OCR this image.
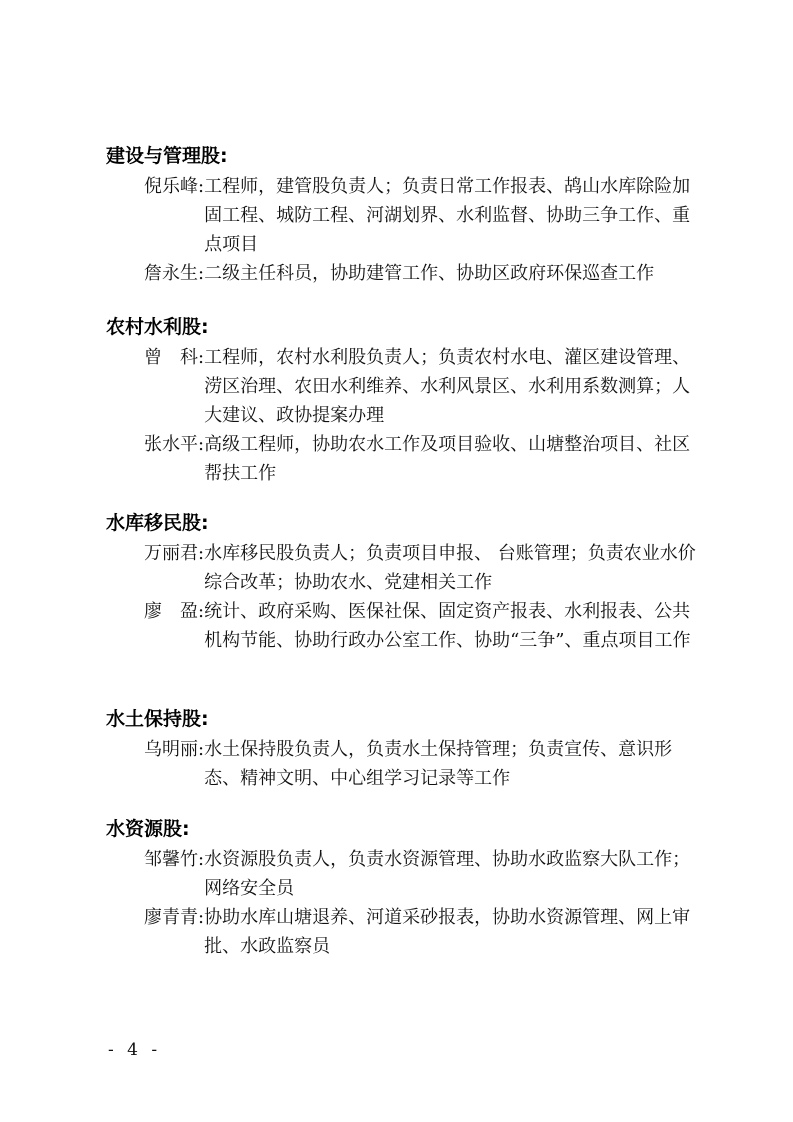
建设与管理股:
倪乐峰: 工程师，建管股负责人；负责日常工作报表、鸪山水库除险加固工程、城防工程、河湖划界、水利监督、协助三争工作、重点项目
詹永生: 二级主任科员，协助建管工作、协助区政府环保巡查工作
农村水利股:
曾　科: 工程师，农村水利股负责人；负责农村水电、灌区建设管理、涝区治理、农田水利维养、水利风景区、水利用系数测算；人大建议、政协提案办理
张水平: 高级工程师，协助农水工作及项目验收、山塘整治项目、社区帮扶工作
水库移民股:
万丽君: 水库移民股负责人；负责项目申报、 台账管理；负责农业水价综合改革；协助农水、党建相关工作
廖　盈: 统计、政府采购、医保社保、固定资产报表、水利报表、公共机构节能、协助行政办公室工作、协助“三争”、重点项目工作
水土保持股:
乌明丽: 水土保持股负责人，负责水土保持管理；负责宣传、意识形态、精神文明、中心组学习记录等工作
水资源股:
邹馨竹: 水资源股负责人，负责水资源管理、协助水政监察大队工作；网络安全员
廖青青: 协助水库山塘退养、河道采砂报表，协助水资源管理、网上审批、水政监察员
- 4 -
